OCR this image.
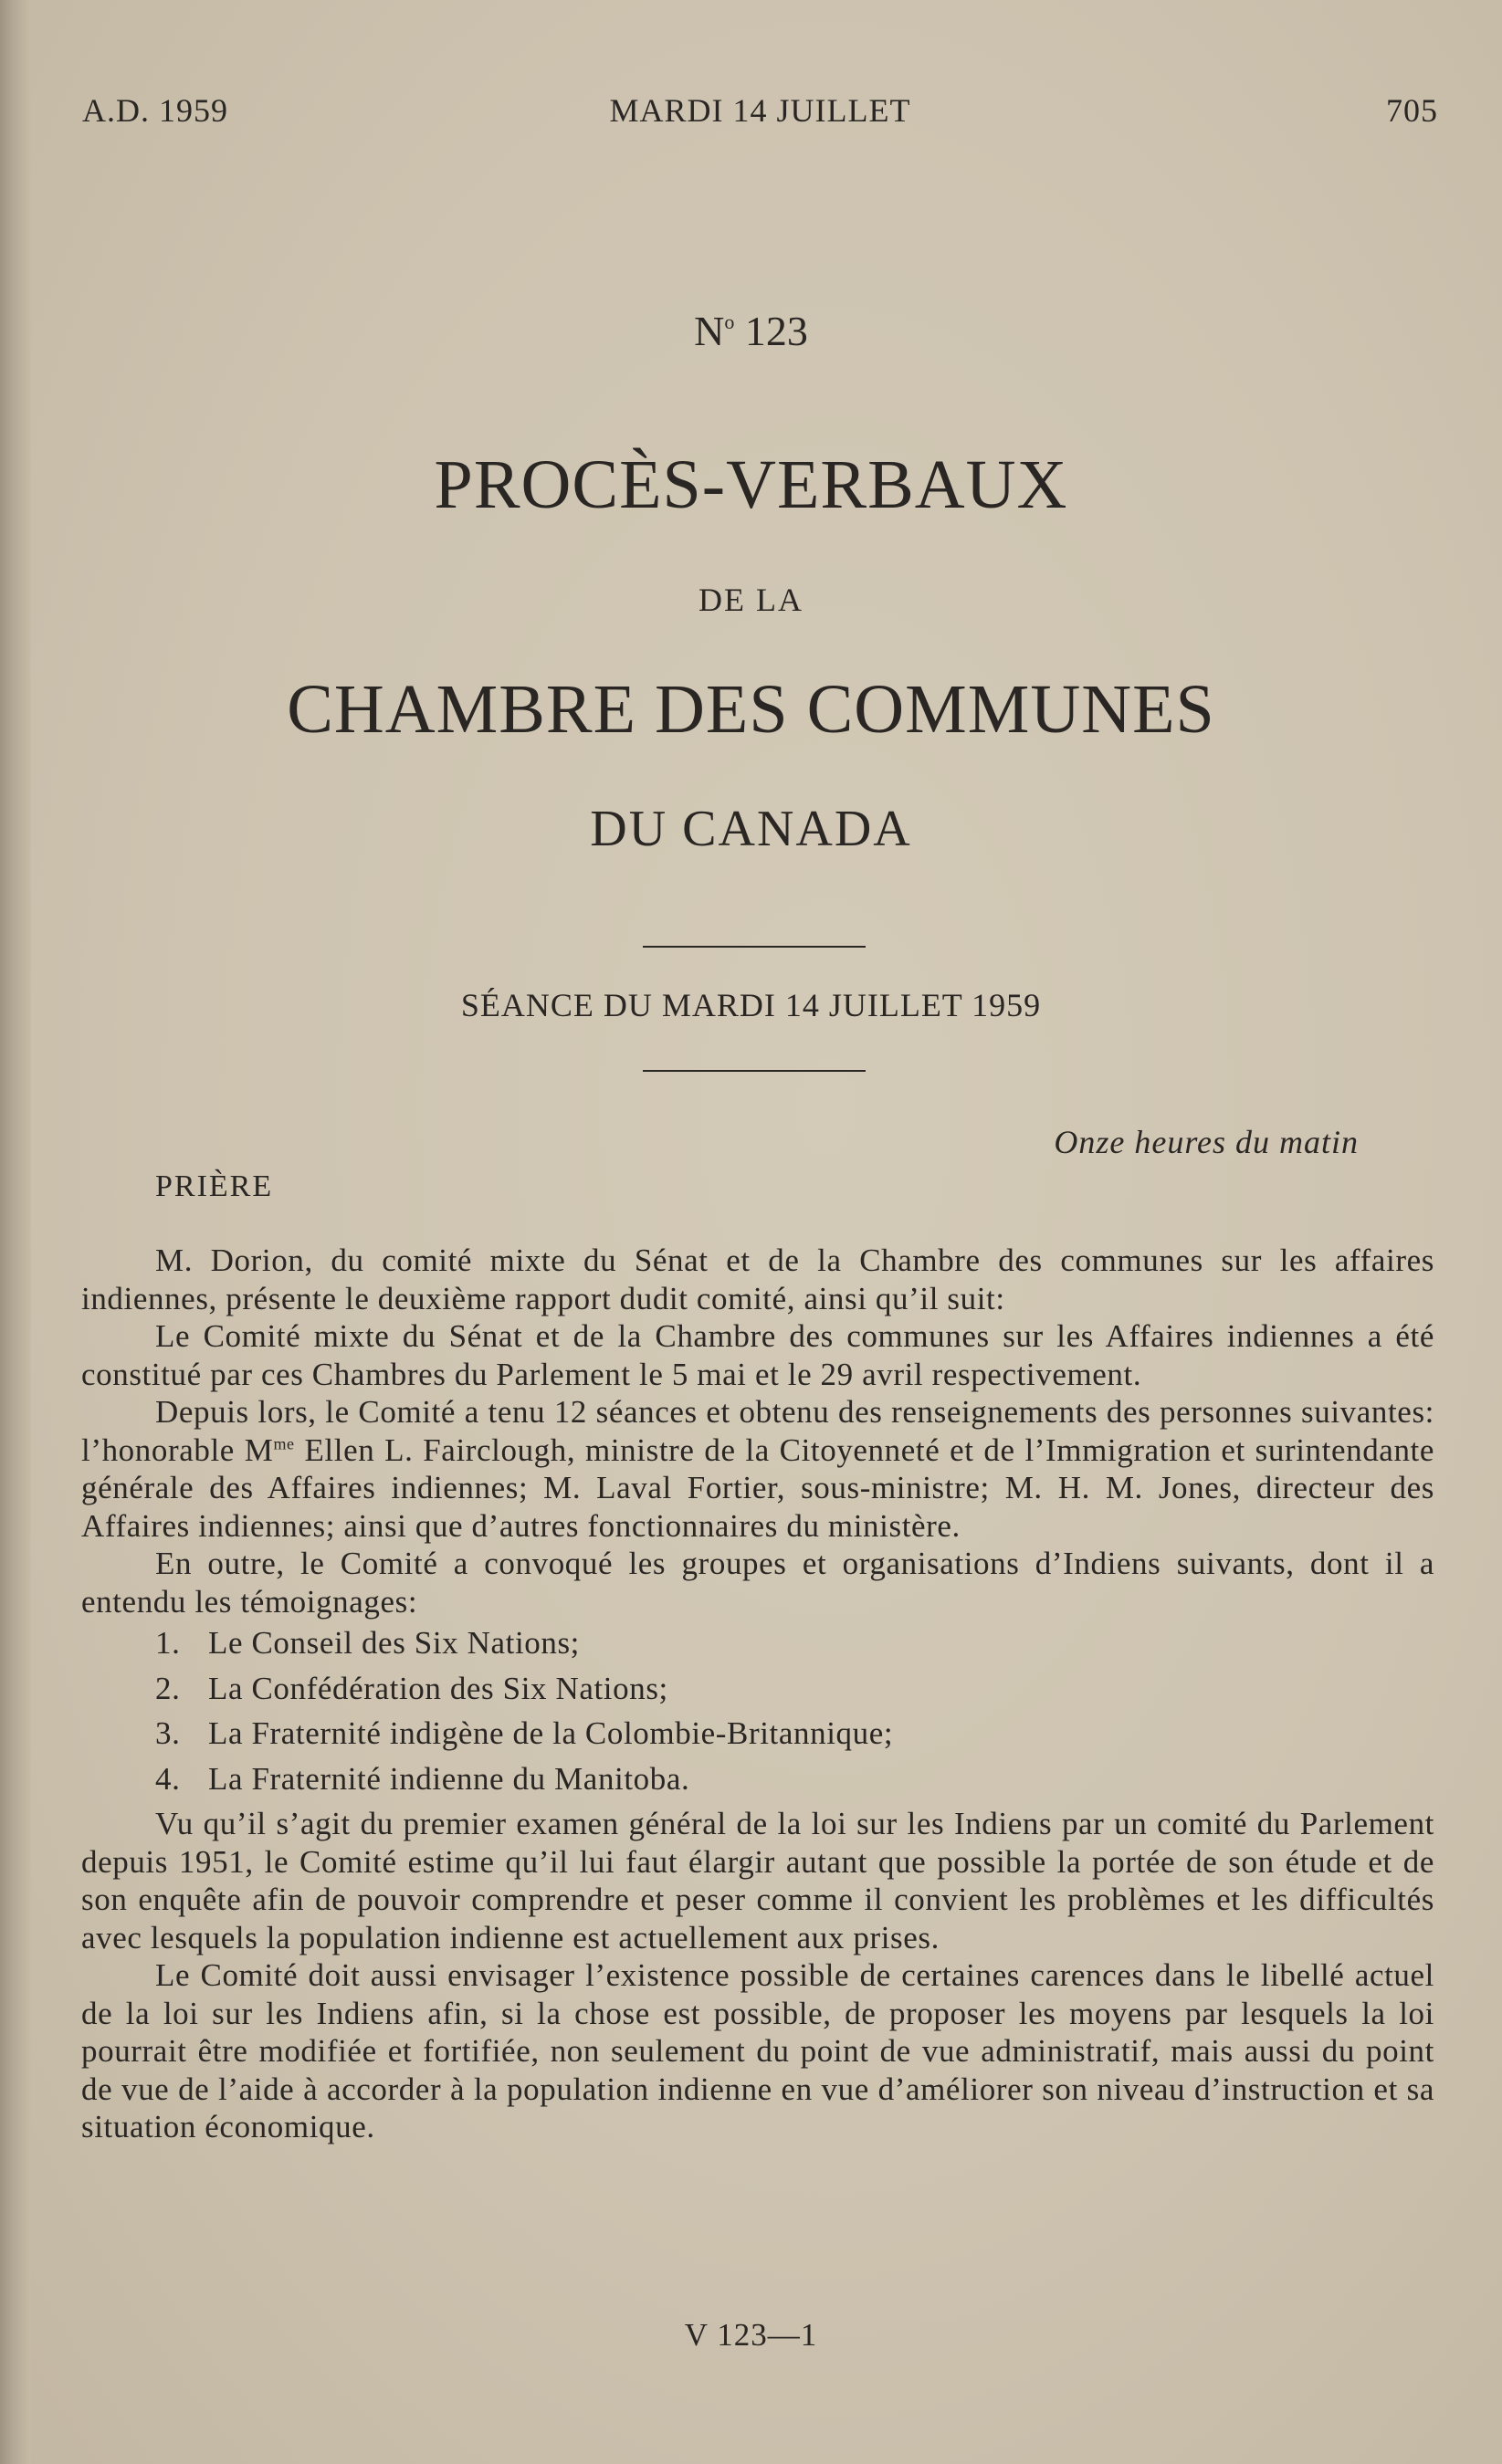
MARDI 14 JUILLET
A.D. 1959	705
$N^o$ 123
PROCÈS-VERBAUX
DE LA
CHAMBRE DES COMMUNES
DU CANADA
SÉANCE DU MARDI 14 JUILLET 1959
Onze heures du matin
PRIÈRE

M. Dorion, du comité mixte du Sénat et de la Chambre des communes sur les affaires indiennes, présente le deuxième rapport dudit comité, ainsi qu’il suit:

Le Comité mixte du Sénat et de la Chambre des communes sur les Affaires indiennes a été constitué par ces Chambres du Parlement le 5 mai et le 29 avril respectivement.

Depuis lors, le Comité a tenu 12 séances et obtenu des renseignements des personnes suivantes: l’honorable $M^{me}$ Ellen L. Fairclough, ministre de la Citoyenneté et de l’Immigration et surintendante générale des Affaires indiennes; M. Laval Fortier, sous-ministre; M. H. M. Jones, directeur des Affaires indiennes; ainsi que d’autres fonctionnaires du ministère.

En outre, le Comité a convoqué les groupes et organisations d’Indiens suivants, dont il a entendu les témoignages:

1. Le Conseil des Six Nations;
2. La Confédération des Six Nations;
3. La Fraternité indigène de la Colombie-Britannique;
4. La Fraternité indienne du Manitoba.

Vu qu’il s’agit du premier examen général de la loi sur les Indiens par un comité du Parlement depuis 1951, le Comité estime qu’il lui faut élargir autant que possible la portée de son étude et de son enquête afin de pouvoir comprendre et peser comme il convient les problèmes et les difficultés avec lesquels la population indienne est actuellement aux prises.

Le Comité doit aussi envisager l’existence possible de certaines carences dans le libellé actuel de la loi sur les Indiens afin, si la chose est possible, de proposer les moyens par lesquels la loi pourrait être modifiée et fortifiée, non seulement du point de vue administratif, mais aussi du point de vue de l’aide à accorder à la population indienne en vue d’améliorer son niveau d’instruction et sa situation économique.

V 123—1
